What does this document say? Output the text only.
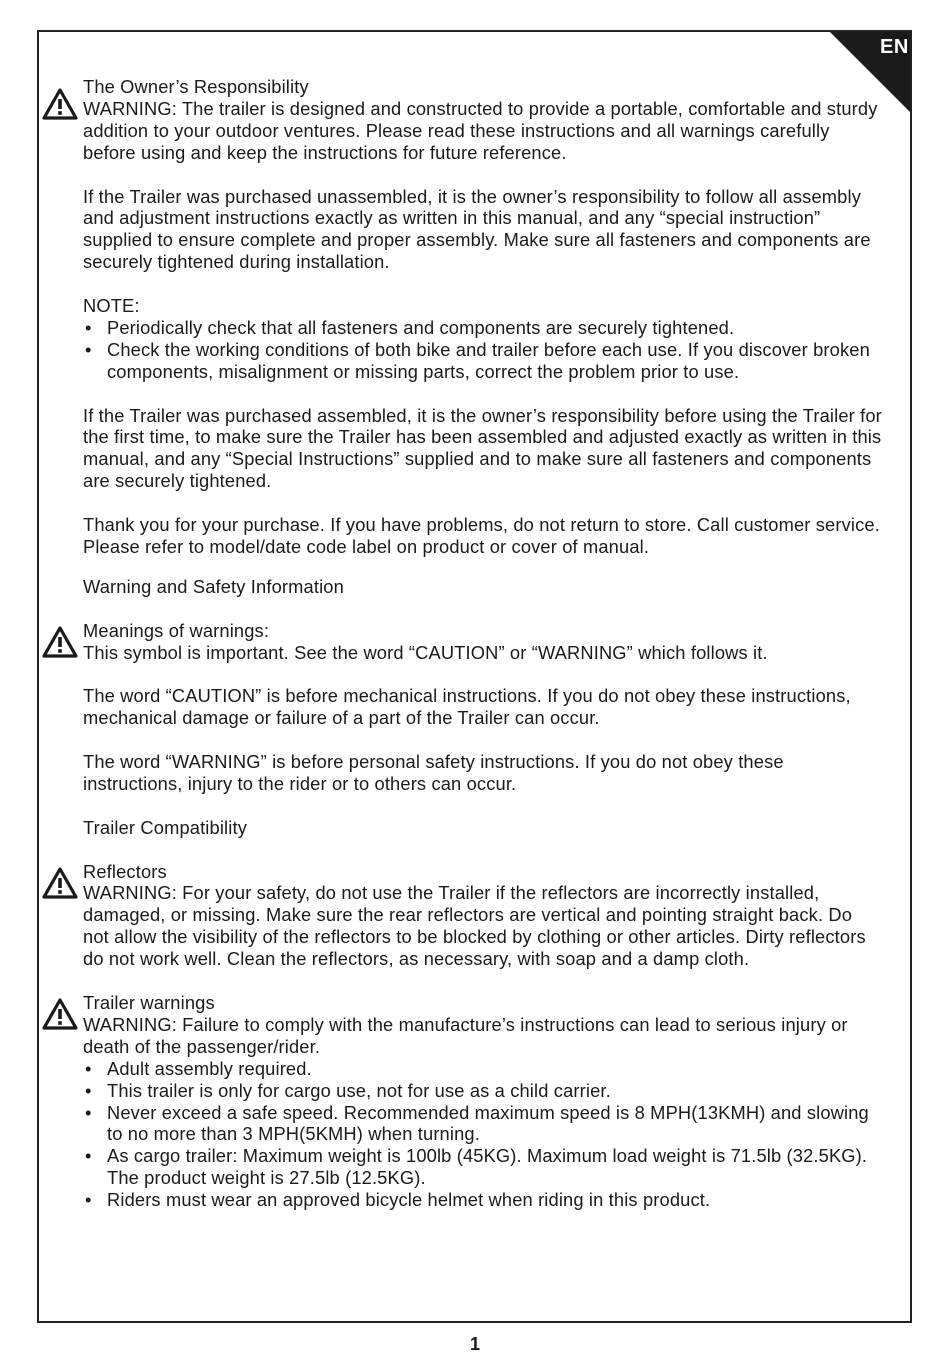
EN

The Owner’s Responsibility

WARNING: The trailer is designed and constructed to provide a portable, comfortable and sturdy addition to your outdoor ventures. Please read these instructions and all warnings carefully before using and keep the instructions for future reference.

If the Trailer was purchased unassembled, it is the owner’s responsibility to follow all assembly and adjustment instructions exactly as written in this manual, and any “special instruction” supplied to ensure complete and proper assembly. Make sure all fasteners and components are securely tightened during installation.

NOTE:

• Periodically check that all fasteners and components are securely tightened.
• Check the working conditions of both bike and trailer before each use. If you discover broken components, misalignment or missing parts, correct the problem prior to use.

If the Trailer was purchased assembled, it is the owner’s responsibility before using the Trailer for the first time, to make sure the Trailer has been assembled and adjusted exactly as written in this manual, and any “Special Instructions” supplied and to make sure all fasteners and components are securely tightened.

Thank you for your purchase. If you have problems, do not return to store. Call customer service. Please refer to model/date code label on product or cover of manual.

Warning and Safety Information

Meanings of warnings:

This symbol is important. See the word “CAUTION” or “WARNING” which follows it.

The word “CAUTION” is before mechanical instructions. If you do not obey these instructions, mechanical damage or failure of a part of the Trailer can occur.

The word “WARNING” is before personal safety instructions. If you do not obey these instructions, injury to the rider or to others can occur.

Trailer Compatibility

Reflectors

WARNING: For your safety, do not use the Trailer if the reflectors are incorrectly installed, damaged, or missing. Make sure the rear reflectors are vertical and pointing straight back. Do not allow the visibility of the reflectors to be blocked by clothing or other articles. Dirty reflectors do not work well. Clean the reflectors, as necessary, with soap and a damp cloth.

Trailer warnings

WARNING: Failure to comply with the manufacture’s instructions can lead to serious injury or death of the passenger/rider.

• Adult assembly required.
• This trailer is only for cargo use, not for use as a child carrier.
• Never exceed a safe speed. Recommended maximum speed is 8 MPH(13KMH) and slowing to no more than 3 MPH(5KMH) when turning.
• As cargo trailer: Maximum weight is 100lb (45KG). Maximum load weight is 71.5lb (32.5KG). The product weight is 27.5lb (12.5KG).
• Riders must wear an approved bicycle helmet when riding in this product.
1
